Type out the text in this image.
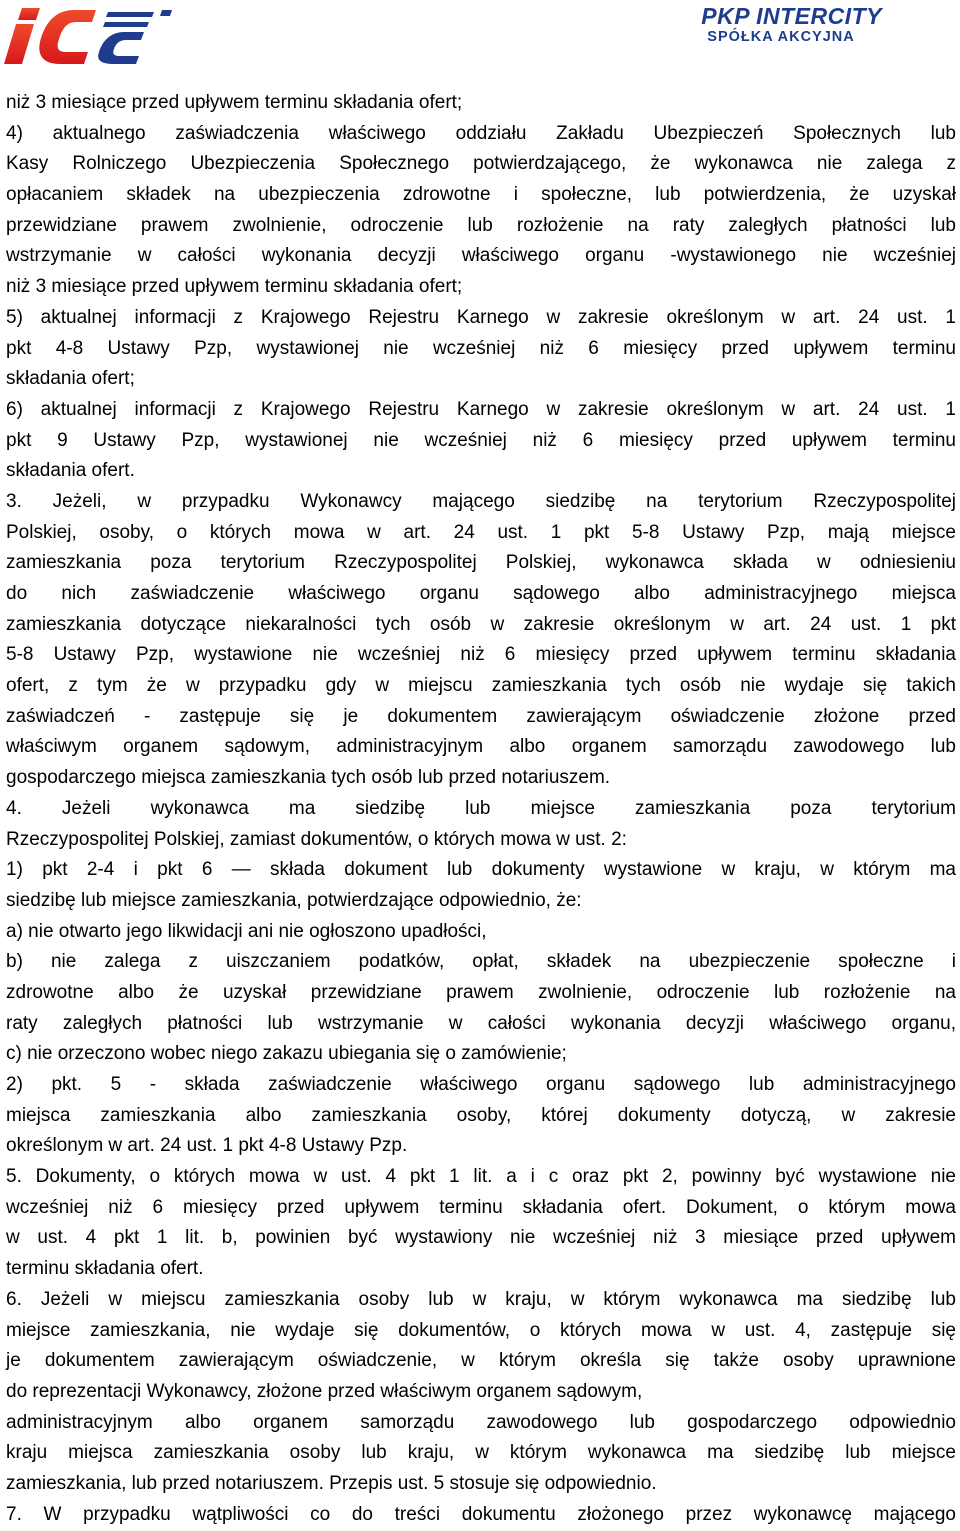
PKP INTERCITY
SPÓŁKA AKCYJNA
niż 3 miesiące przed upływem terminu składania ofert;
4) aktualnego zaświadczenia właściwego oddziału Zakładu Ubezpieczeń Społecznych lub
Kasy Rolniczego Ubezpieczenia Społecznego potwierdzającego, że wykonawca nie zalega z
opłacaniem składek na ubezpieczenia zdrowotne i społeczne, lub potwierdzenia, że uzyskał
przewidziane prawem zwolnienie, odroczenie lub rozłożenie na raty zaległych płatności lub
wstrzymanie w całości wykonania decyzji właściwego organu -wystawionego nie wcześniej
niż 3 miesiące przed upływem terminu składania ofert;
5) aktualnej informacji z Krajowego Rejestru Karnego w zakresie określonym w art. 24 ust. 1
pkt 4-8 Ustawy Pzp, wystawionej nie wcześniej niż 6 miesięcy przed upływem terminu
składania ofert;
6) aktualnej informacji z Krajowego Rejestru Karnego w zakresie określonym w art. 24 ust. 1
pkt 9 Ustawy Pzp, wystawionej nie wcześniej niż 6 miesięcy przed upływem terminu
składania ofert.
3. Jeżeli, w przypadku Wykonawcy mającego siedzibę na terytorium Rzeczypospolitej
Polskiej, osoby, o których mowa w art. 24 ust. 1 pkt 5-8 Ustawy Pzp, mają miejsce
zamieszkania poza terytorium Rzeczypospolitej Polskiej, wykonawca składa w odniesieniu
do nich zaświadczenie właściwego organu sądowego albo administracyjnego miejsca
zamieszkania dotyczące niekaralności tych osób w zakresie określonym w art. 24 ust. 1 pkt
5-8 Ustawy Pzp, wystawione nie wcześniej niż 6 miesięcy przed upływem terminu składania
ofert, z tym że w przypadku gdy w miejscu zamieszkania tych osób nie wydaje się takich
zaświadczeń - zastępuje się je dokumentem zawierającym oświadczenie złożone przed
właściwym organem sądowym, administracyjnym albo organem samorządu zawodowego lub
gospodarczego miejsca zamieszkania tych osób lub przed notariuszem.
4. Jeżeli wykonawca ma siedzibę lub miejsce zamieszkania poza terytorium
Rzeczypospolitej Polskiej, zamiast dokumentów, o których mowa w ust. 2:
1) pkt 2-4 i pkt 6 — składa dokument lub dokumenty wystawione w kraju, w którym ma
siedzibę lub miejsce zamieszkania, potwierdzające odpowiednio, że:
a) nie otwarto jego likwidacji ani nie ogłoszono upadłości,
b) nie zalega z uiszczaniem podatków, opłat, składek na ubezpieczenie społeczne i
zdrowotne albo że uzyskał przewidziane prawem zwolnienie, odroczenie lub rozłożenie na
raty zaległych płatności lub wstrzymanie w całości wykonania decyzji właściwego organu,
c) nie orzeczono wobec niego zakazu ubiegania się o zamówienie;
2) pkt. 5 - składa zaświadczenie właściwego organu sądowego lub administracyjnego
miejsca zamieszkania albo zamieszkania osoby, której dokumenty dotyczą, w zakresie
określonym w art. 24 ust. 1 pkt 4-8 Ustawy Pzp.
5. Dokumenty, o których mowa w ust. 4 pkt 1 lit. a i c oraz pkt 2, powinny być wystawione nie
wcześniej niż 6 miesięcy przed upływem terminu składania ofert. Dokument, o którym mowa
w ust. 4 pkt 1 lit. b, powinien być wystawiony nie wcześniej niż 3 miesiące przed upływem
terminu składania ofert.
6. Jeżeli w miejscu zamieszkania osoby lub w kraju, w którym wykonawca ma siedzibę lub
miejsce zamieszkania, nie wydaje się dokumentów, o których mowa w ust. 4, zastępuje się
je dokumentem zawierającym oświadczenie, w którym określa się także osoby uprawnione
do reprezentacji Wykonawcy, złożone przed właściwym organem sądowym,
administracyjnym albo organem samorządu zawodowego lub gospodarczego odpowiednio
kraju miejsca zamieszkania osoby lub kraju, w którym wykonawca ma siedzibę lub miejsce
zamieszkania, lub przed notariuszem. Przepis ust. 5 stosuje się odpowiednio.
7. W przypadku wątpliwości co do treści dokumentu złożonego przez wykonawcę mającego
